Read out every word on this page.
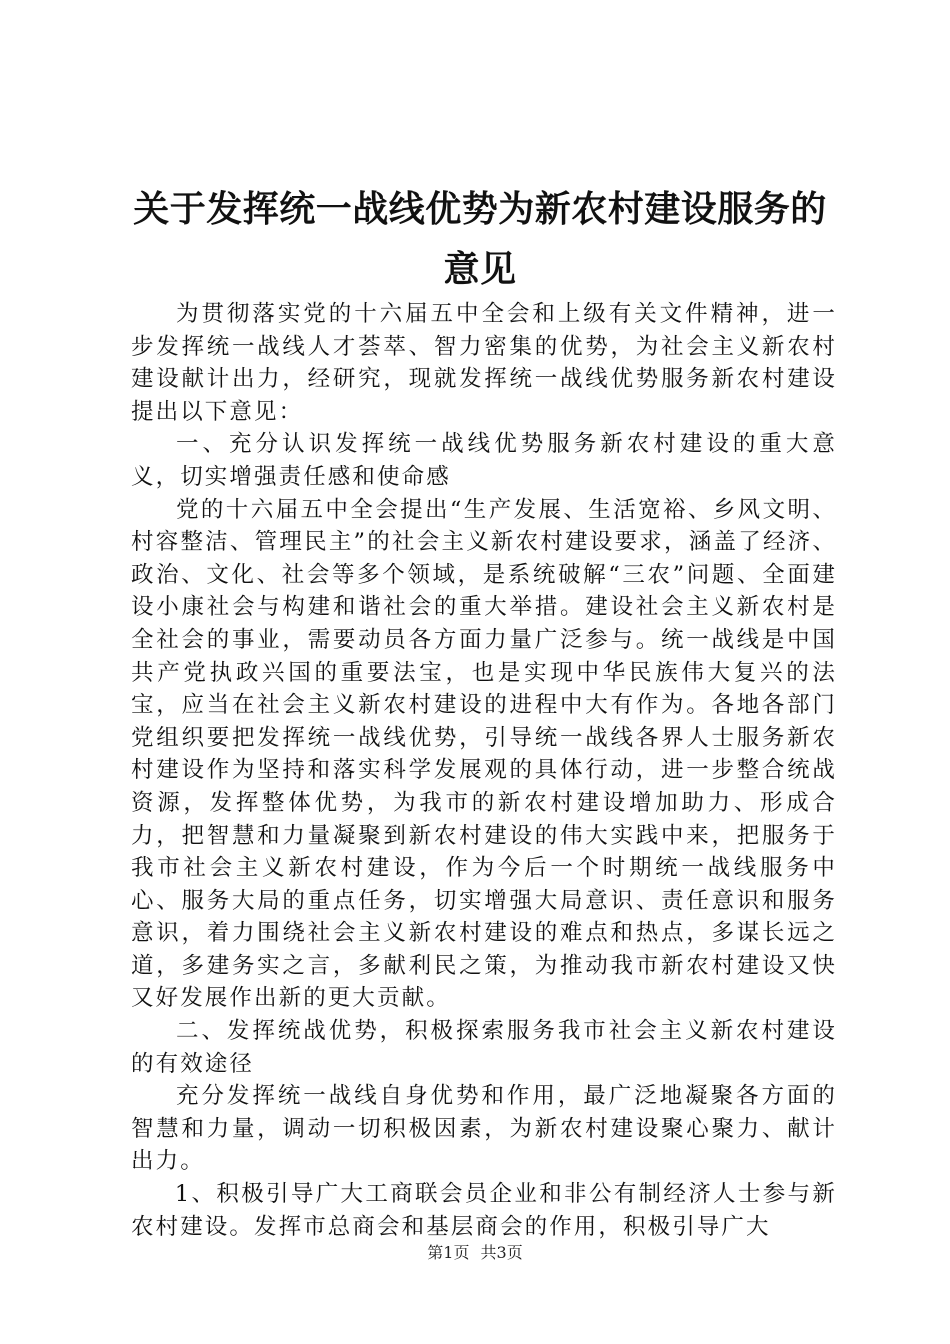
关于发挥统一战线优势为新农村建设服务的意见

为贯彻落实党的十六届五中全会和上级有关文件精神，进一步发挥统一战线人才荟萃、智力密集的优势，为社会主义新农村建设献计出力，经研究，现就发挥统一战线优势服务新农村建设提出以下意见：

一、充分认识发挥统一战线优势服务新农村建设的重大意义，切实增强责任感和使命感

党的十六届五中全会提出“生产发展、生活宽裕、乡风文明、村容整洁、管理民主”的社会主义新农村建设要求，涵盖了经济、政治、文化、社会等多个领域，是系统破解“三农”问题、全面建设小康社会与构建和谐社会的重大举措。建设社会主义新农村是全社会的事业，需要动员各方面力量广泛参与。统一战线是中国共产党执政兴国的重要法宝，也是实现中华民族伟大复兴的法宝，应当在社会主义新农村建设的进程中大有作为。各地各部门党组织要把发挥统一战线优势，引导统一战线各界人士服务新农村建设作为坚持和落实科学发展观的具体行动，进一步整合统战资源，发挥整体优势，为我市的新农村建设增加助力、形成合力，把智慧和力量凝聚到新农村建设的伟大实践中来，把服务于我市社会主义新农村建设，作为今后一个时期统一战线服务中心、服务大局的重点任务，切实增强大局意识、责任意识和服务意识，着力围绕社会主义新农村建设的难点和热点，多谋长远之道，多建务实之言，多献利民之策，为推动我市新农村建设又快又好发展作出新的更大贡献。

二、发挥统战优势，积极探索服务我市社会主义新农村建设的有效途径

充分发挥统一战线自身优势和作用，最广泛地凝聚各方面的智慧和力量，调动一切积极因素，为新农村建设聚心聚力、献计出力。

1、积极引导广大工商联会员企业和非公有制经济人士参与新农村建设。发挥市总商会和基层商会的作用，积极引导广大

第1页 共3页
